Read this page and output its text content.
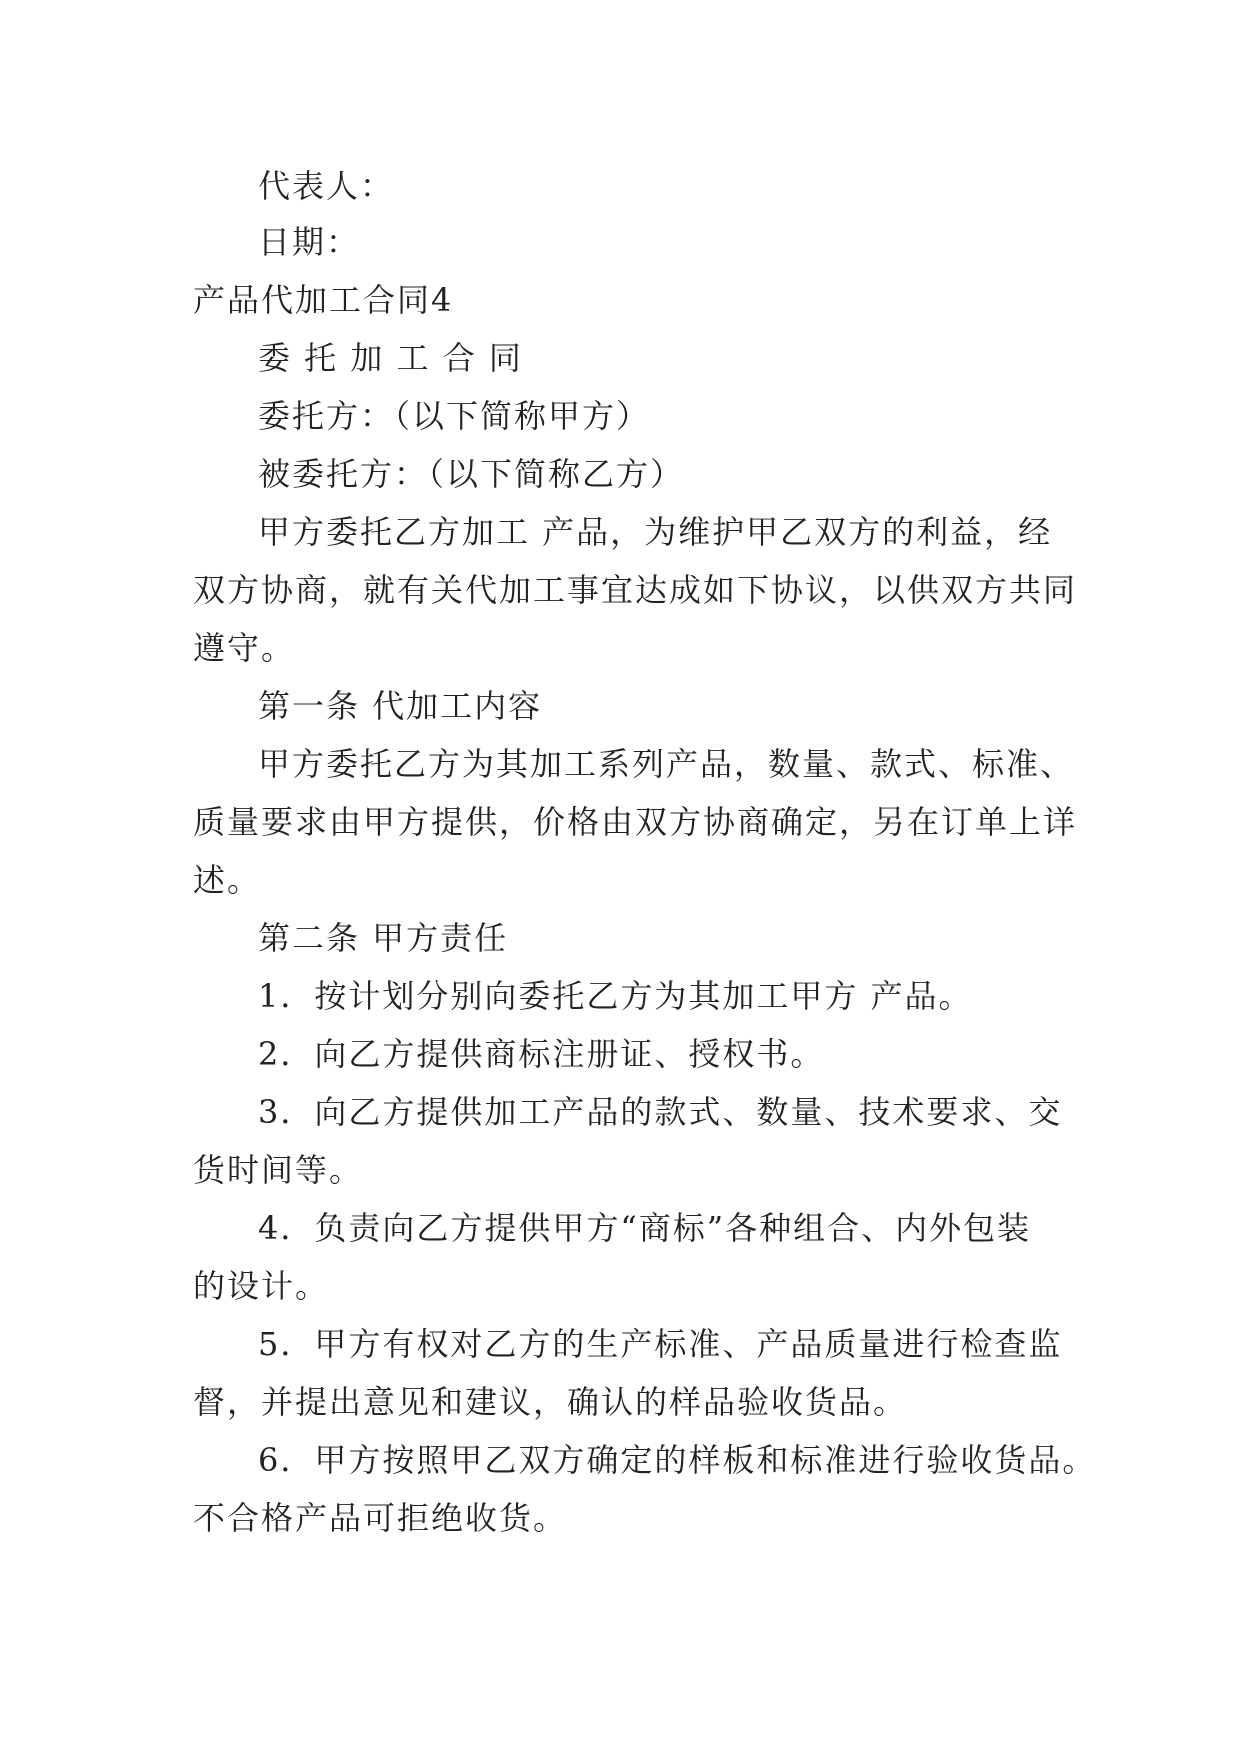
代表人：
日期：
产品代加工合同4
委 托 加 工 合 同
委托方：（以下简称甲方）
被委托方：（以下简称乙方）
甲方委托乙方加工 产品，为维护甲乙双方的利益，经
双方协商，就有关代加工事宜达成如下协议，以供双方共同
遵守。
第一条 代加工内容
甲方委托乙方为其加工系列产品，数量、款式、标准、
质量要求由甲方提供，价格由双方协商确定，另在订单上详
述。
第二条 甲方责任
1．按计划分别向委托乙方为其加工甲方 产品。
2．向乙方提供商标注册证、授权书。
3．向乙方提供加工产品的款式、数量、技术要求、交
货时间等。
4．负责向乙方提供甲方“商标”各种组合、内外包装
的设计。
5．甲方有权对乙方的生产标准、产品质量进行检查监
督，并提出意见和建议，确认的样品验收货品。
6．甲方按照甲乙双方确定的样板和标准进行验收货品。
不合格产品可拒绝收货。
